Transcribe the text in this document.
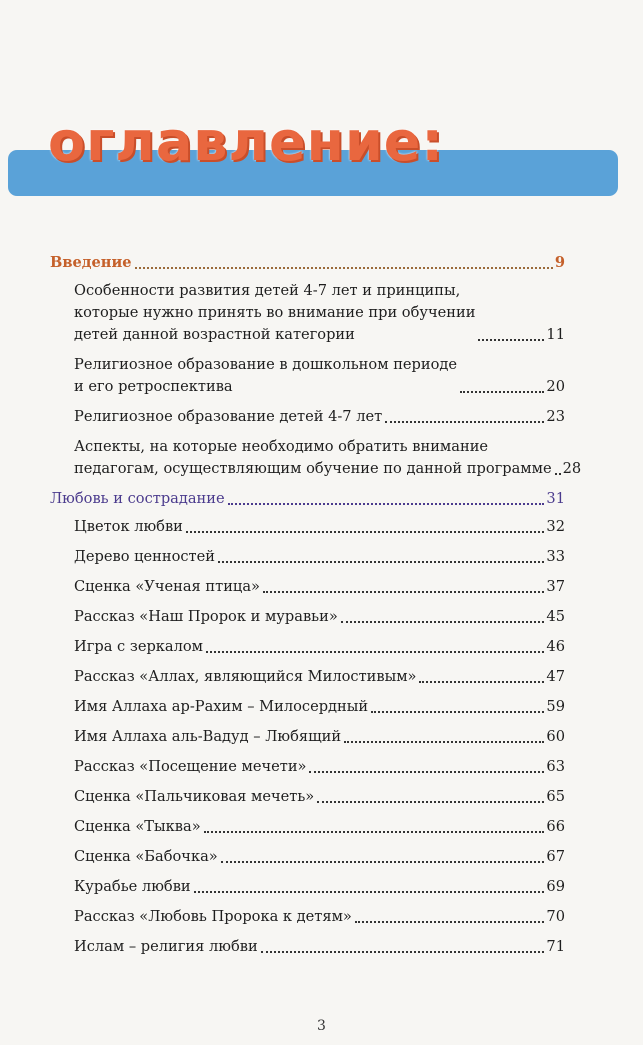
оглавление:
Введение	9
Особенности развития детей 4-7 лет и принципы,
которые нужно принять во внимание при обучении
детей данной возрастной категории	11
Религиозное образование в дошкольном периоде
и его ретроспектива	20
Религиозное образование детей 4-7 лет	23
Аспекты, на которые необходимо обратить внимание
педагогам, осуществляющим обучение по данной программе 28
Любовь и сострадание	31
Цветок любви	32
Дерево ценностей	33
Сценка «Ученая птица»	37
Рассказ «Наш Пророк и муравьи»	45
Игра с зеркалом	46
Рассказ «Аллах, являющийся Милостивым»	47
Имя Аллаха ар-Рахим – Милосердный	59
Имя Аллаха аль-Вадуд – Любящий	60
Рассказ «Посещение мечети»	63
Сценка «Пальчиковая мечеть»	65
Сценка «Тыква»	66
Сценка «Бабочка»	67
Курабье любви	69
Рассказ «Любовь Пророка к детям»	70
Ислам – религия любви	71
3
